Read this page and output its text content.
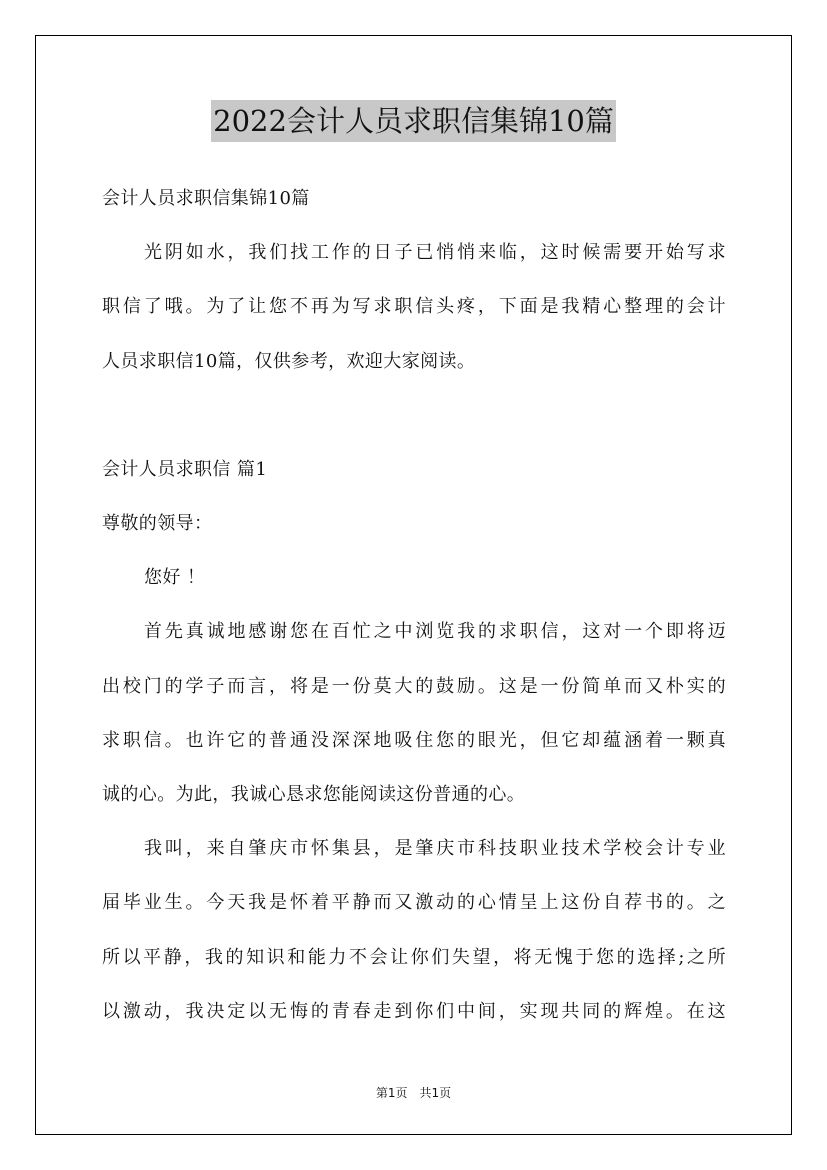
2022会计人员求职信集锦10篇
会计人员求职信集锦10篇
光阴如水，我们找工作的日子已悄悄来临，这时候需要开始写求
职信了哦。为了让您不再为写求职信头疼，下面是我精心整理的会计
人员求职信10篇，仅供参考，欢迎大家阅读。
会计人员求职信 篇1
尊敬的领导：
您好 ！
首先真诚地感谢您在百忙之中浏览我的求职信，这对一个即将迈
出校门的学子而言，将是一份莫大的鼓励。这是一份简单而又朴实的
求职信。也许它的普通没深深地吸住您的眼光，但它却蕴涵着一颗真
诚的心。为此，我诚心恳求您能阅读这份普通的心。
我叫，来自肇庆市怀集县，是肇庆市科技职业技术学校会计专业
届毕业生。今天我是怀着平静而又激动的心情呈上这份自荐书的。之
所以平静，我的知识和能力不会让你们失望，将无愧于您的选择;之所
以激动，我决定以无悔的青春走到你们中间，实现共同的辉煌。在这
第1页　共1页
